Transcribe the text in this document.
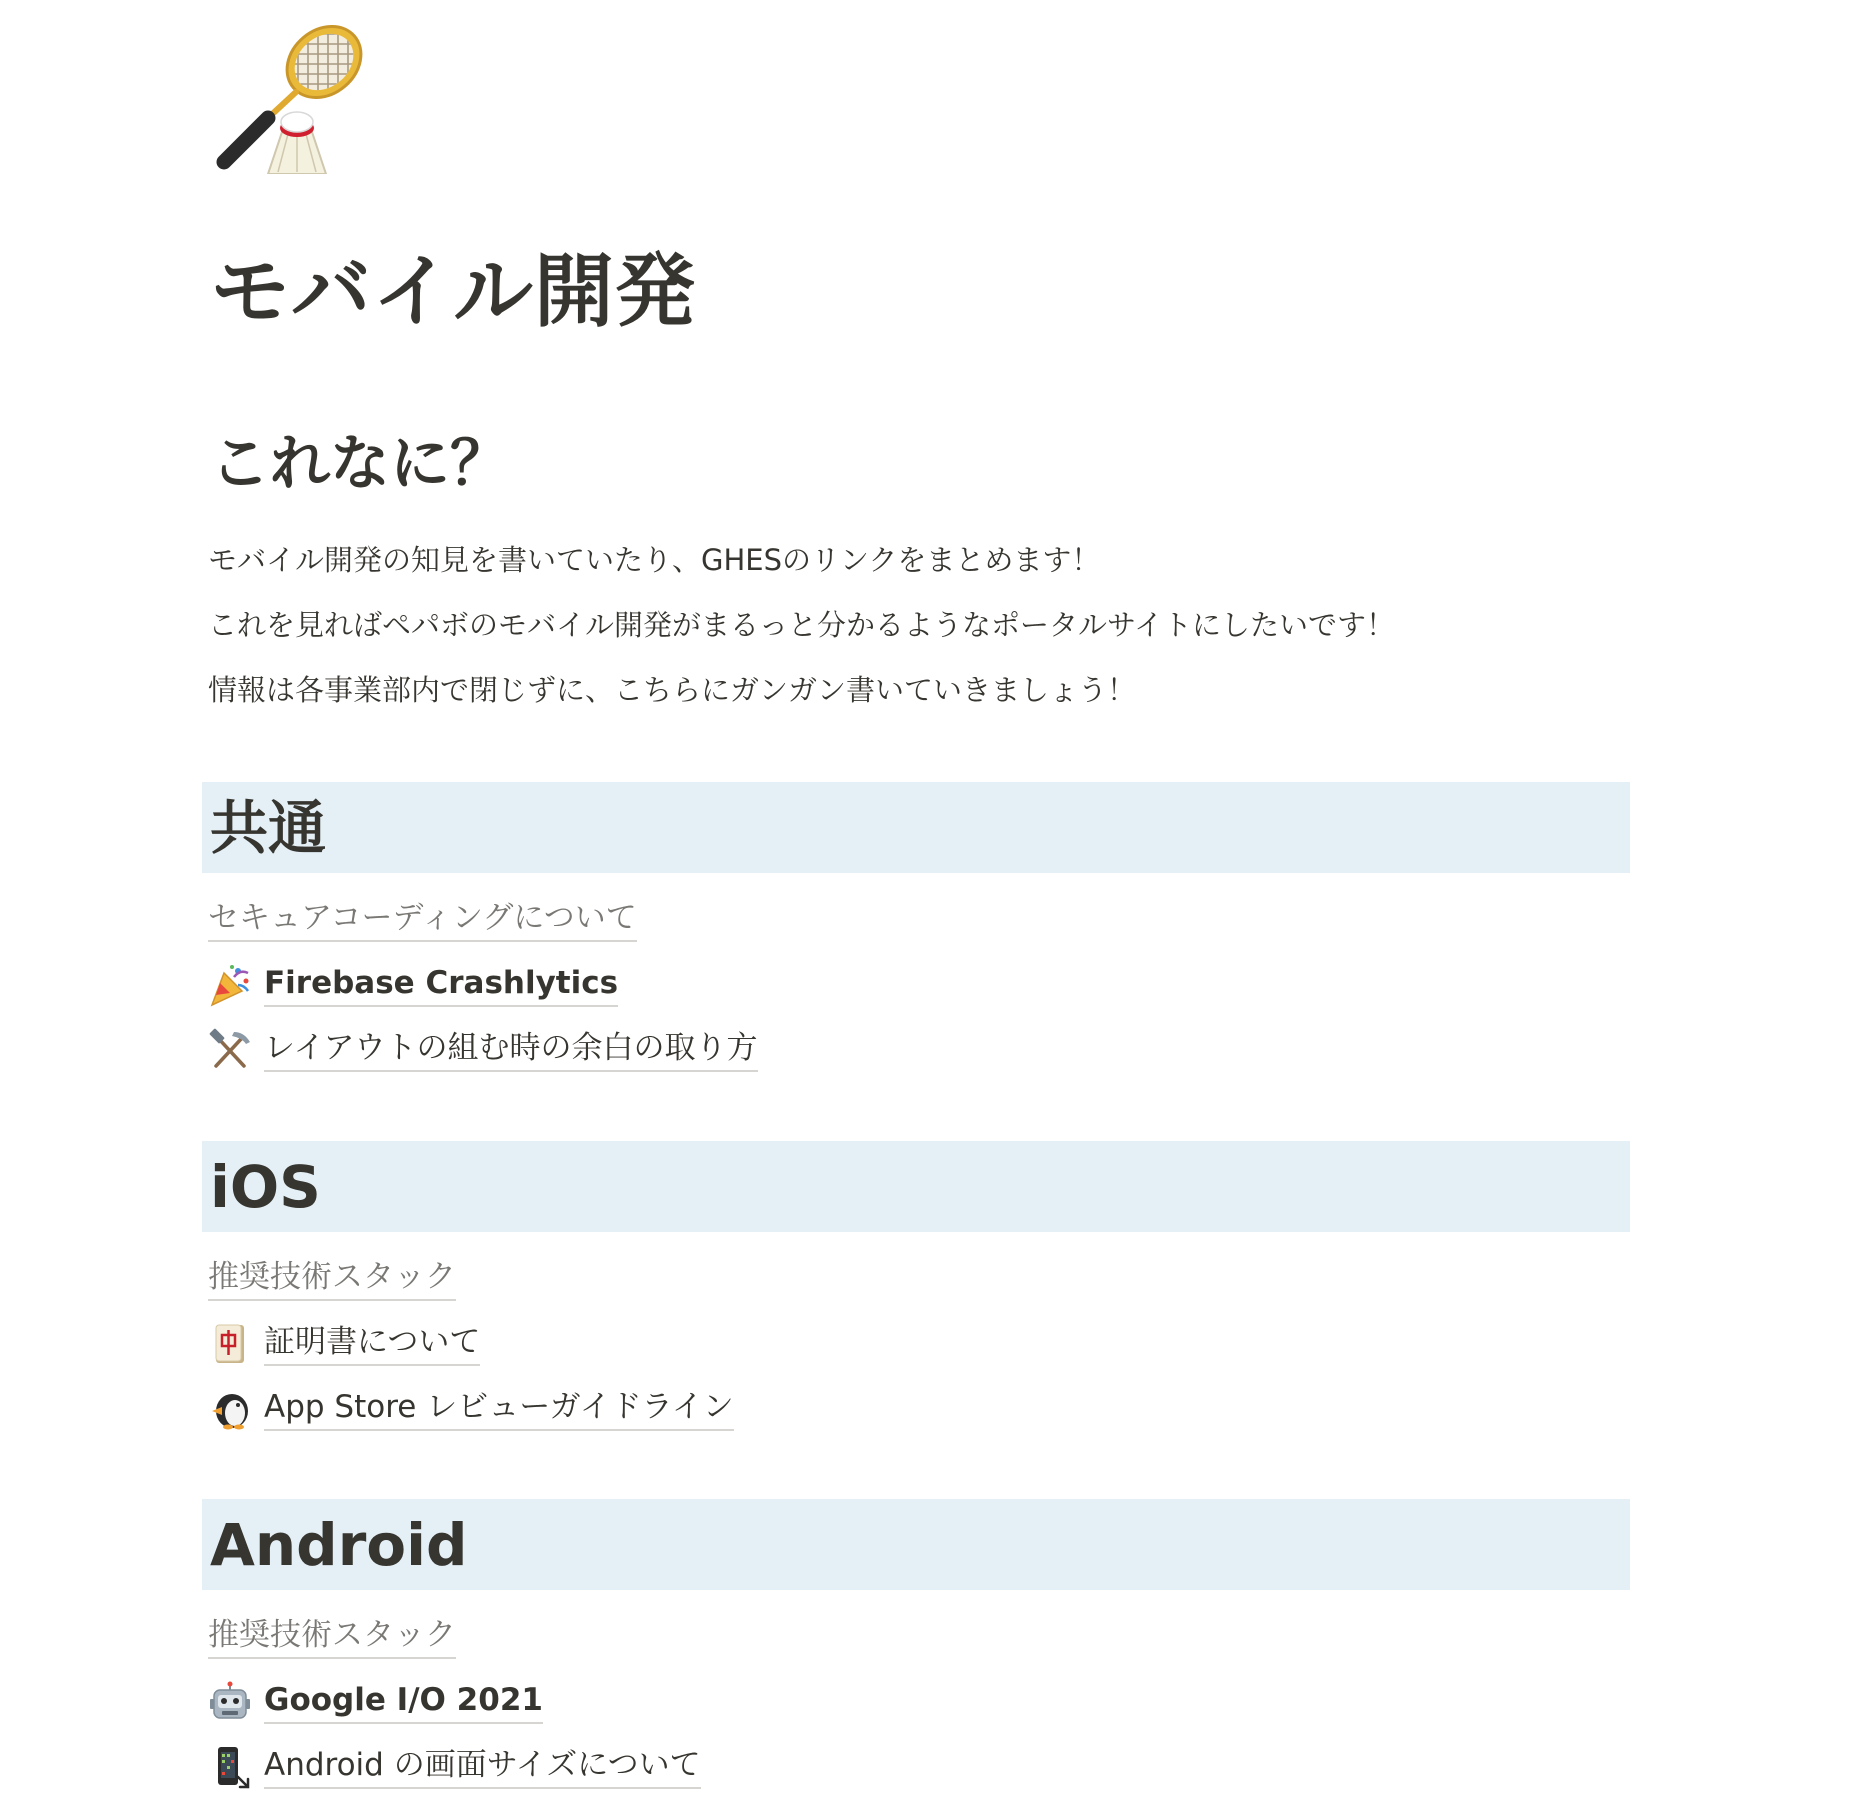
モバイル開発
これなに？

モバイル開発の知見を書いていたり、GHESのリンクをまとめます！

これを見ればペパボのモバイル開発がまるっと分かるようなポータルサイトにしたいです！

情報は各事業部内で閉じずに、こちらにガンガン書いていきましょう！

共通
セキュアコーディングについて
Firebase Crashlytics
レイアウトの組む時の余白の取り方
iOS
推奨技術スタック
証明書について
App Store レビューガイドライン
Android
推奨技術スタック
Google I/O 2021
Android の画面サイズについて
